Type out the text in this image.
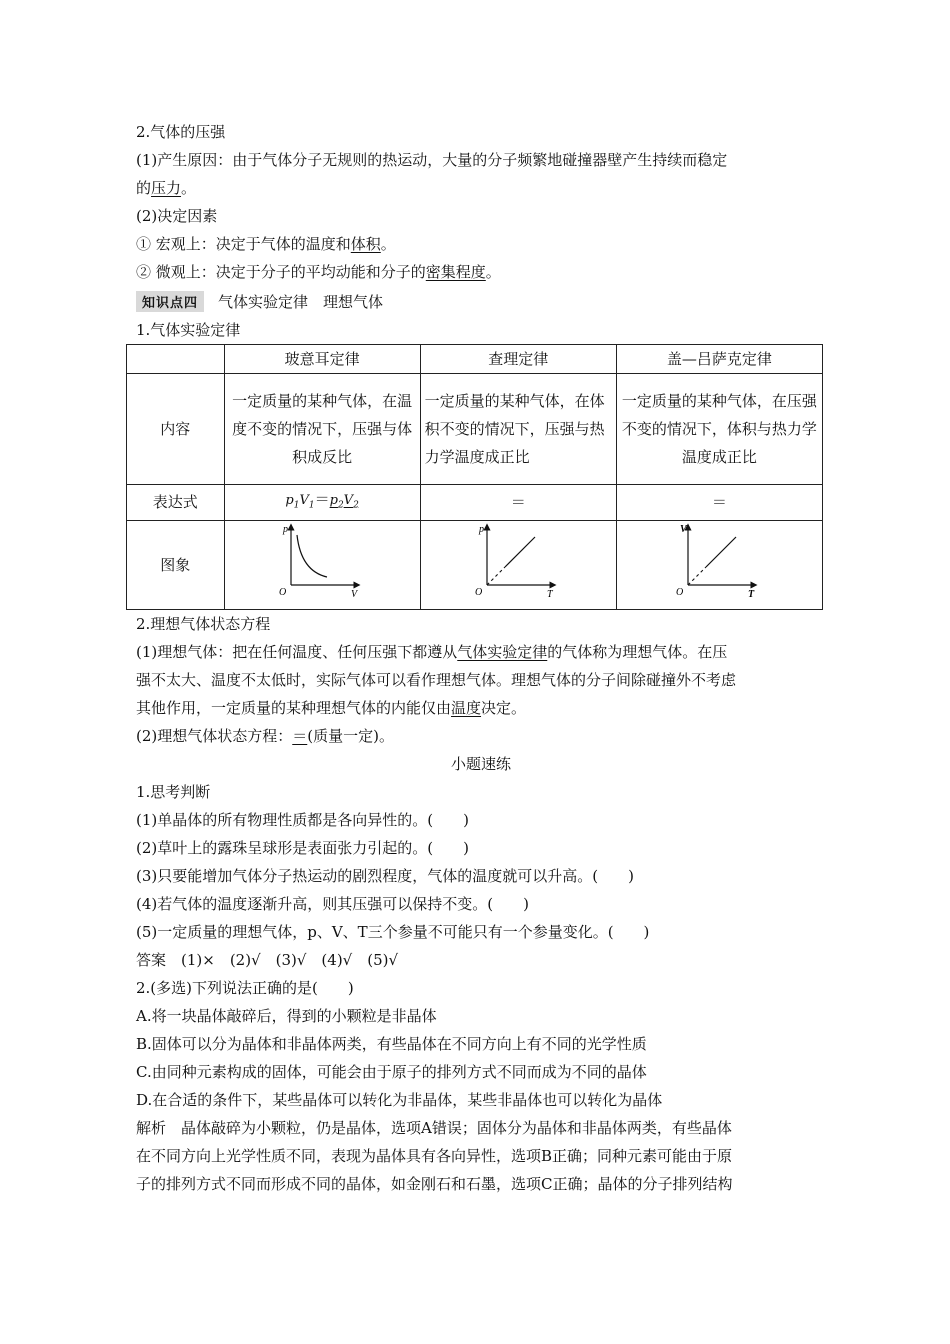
2.气体的压强
(1)产生原因：由于气体分子无规则的热运动，大量的分子频繁地碰撞器壁产生持续而稳定
的压力。
(2)决定因素
① 宏观上：决定于气体的温度和体积。
② 微观上：决定于分子的平均动能和分子的密集程度。
知识点四	气体实验定律　理想气体
1.气体实验定律
	玻意耳定律	查理定律	盖—吕萨克定律
内容	一定质量的某种气体，在温度不变的情况下，压强与体积成反比	一定质量的某种气体，在体积不变的情况下，压强与热力学温度成正比	一定质量的某种气体，在压强不变的情况下，体积与热力学温度成正比
表达式	$p_1V_1=p_2V_2$	＝	＝
图象	p
V
O	p
T
O	V
T
O
2.理想气体状态方程
(1)理想气体：把在任何温度、任何压强下都遵从气体实验定律的气体称为理想气体。在压
强不太大、温度不太低时，实际气体可以看作理想气体。理想气体的分子间除碰撞外不考虑
其他作用，一定质量的某种理想气体的内能仅由温度决定。
(2)理想气体状态方程：＝(质量一定)。
小题速练
1.思考判断
(1)单晶体的所有物理性质都是各向异性的。(　　)
(2)草叶上的露珠呈球形是表面张力引起的。(　　)
(3)只要能增加气体分子热运动的剧烈程度，气体的温度就可以升高。(　　)
(4)若气体的温度逐渐升高，则其压强可以保持不变。(　　)
(5)一定质量的理想气体，p、V、T三个参量不可能只有一个参量变化。(　　)
答案　(1)×　(2)√　(3)√　(4)√　(5)√
2.(多选)下列说法正确的是(　　)
A.将一块晶体敲碎后，得到的小颗粒是非晶体
B.固体可以分为晶体和非晶体两类，有些晶体在不同方向上有不同的光学性质
C.由同种元素构成的固体，可能会由于原子的排列方式不同而成为不同的晶体
D.在合适的条件下，某些晶体可以转化为非晶体，某些非晶体也可以转化为晶体
解析　晶体敲碎为小颗粒，仍是晶体，选项A错误；固体分为晶体和非晶体两类，有些晶体
在不同方向上光学性质不同，表现为晶体具有各向异性，选项B正确；同种元素可能由于原
子的排列方式不同而形成不同的晶体，如金刚石和石墨，选项C正确；晶体的分子排列结构
